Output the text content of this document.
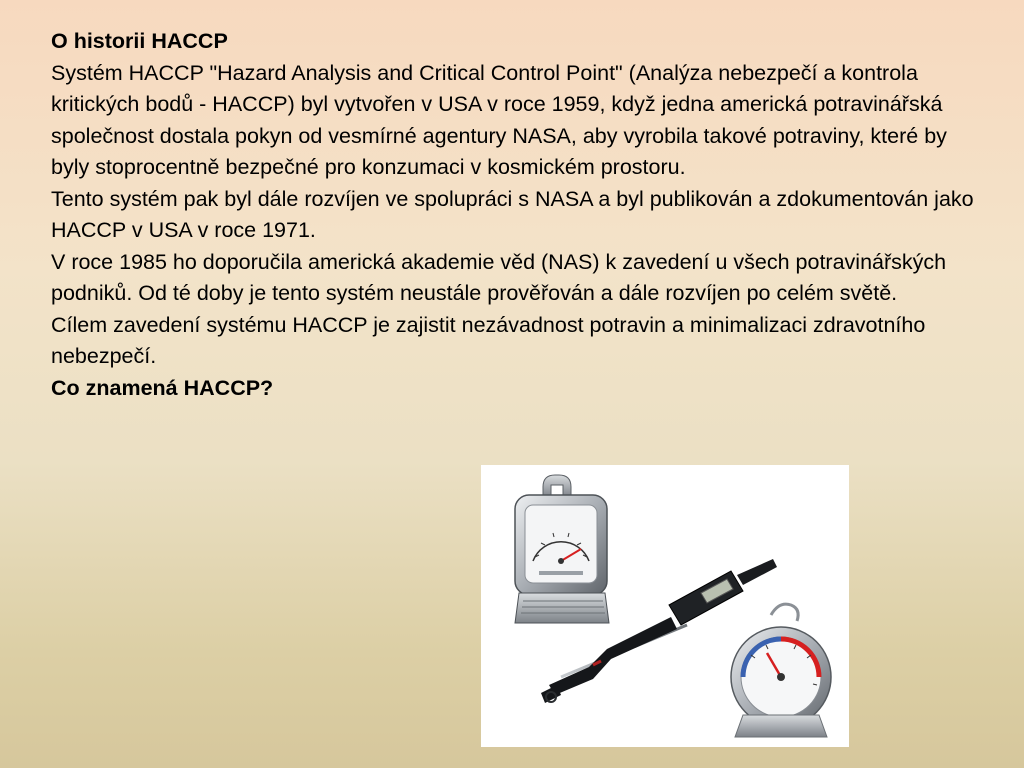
O historii HACCP

Systém HACCP "Hazard Analysis and Critical Control Point" (Analýza nebezpečí a kontrola kritických bodů - HACCP) byl vytvořen v USA v roce 1959, když jedna americká potravinářská společnost dostala pokyn od vesmírné agentury NASA, aby vyrobila takové potraviny, které by byly stoprocentně bezpečné pro konzumaci v kosmickém prostoru.

Tento systém pak byl dále rozvíjen ve spolupráci s NASA a byl publikován a zdokumentován jako HACCP v USA v roce 1971.

V roce 1985 ho doporučila americká akademie věd (NAS) k zavedení u všech potravinářských podniků. Od té doby je tento systém neustále prověřován a dále rozvíjen po celém světě.

Cílem zavedení systému HACCP je zajistit nezávadnost potravin a minimalizaci zdravotního nebezpečí.

Co znamená HACCP?
